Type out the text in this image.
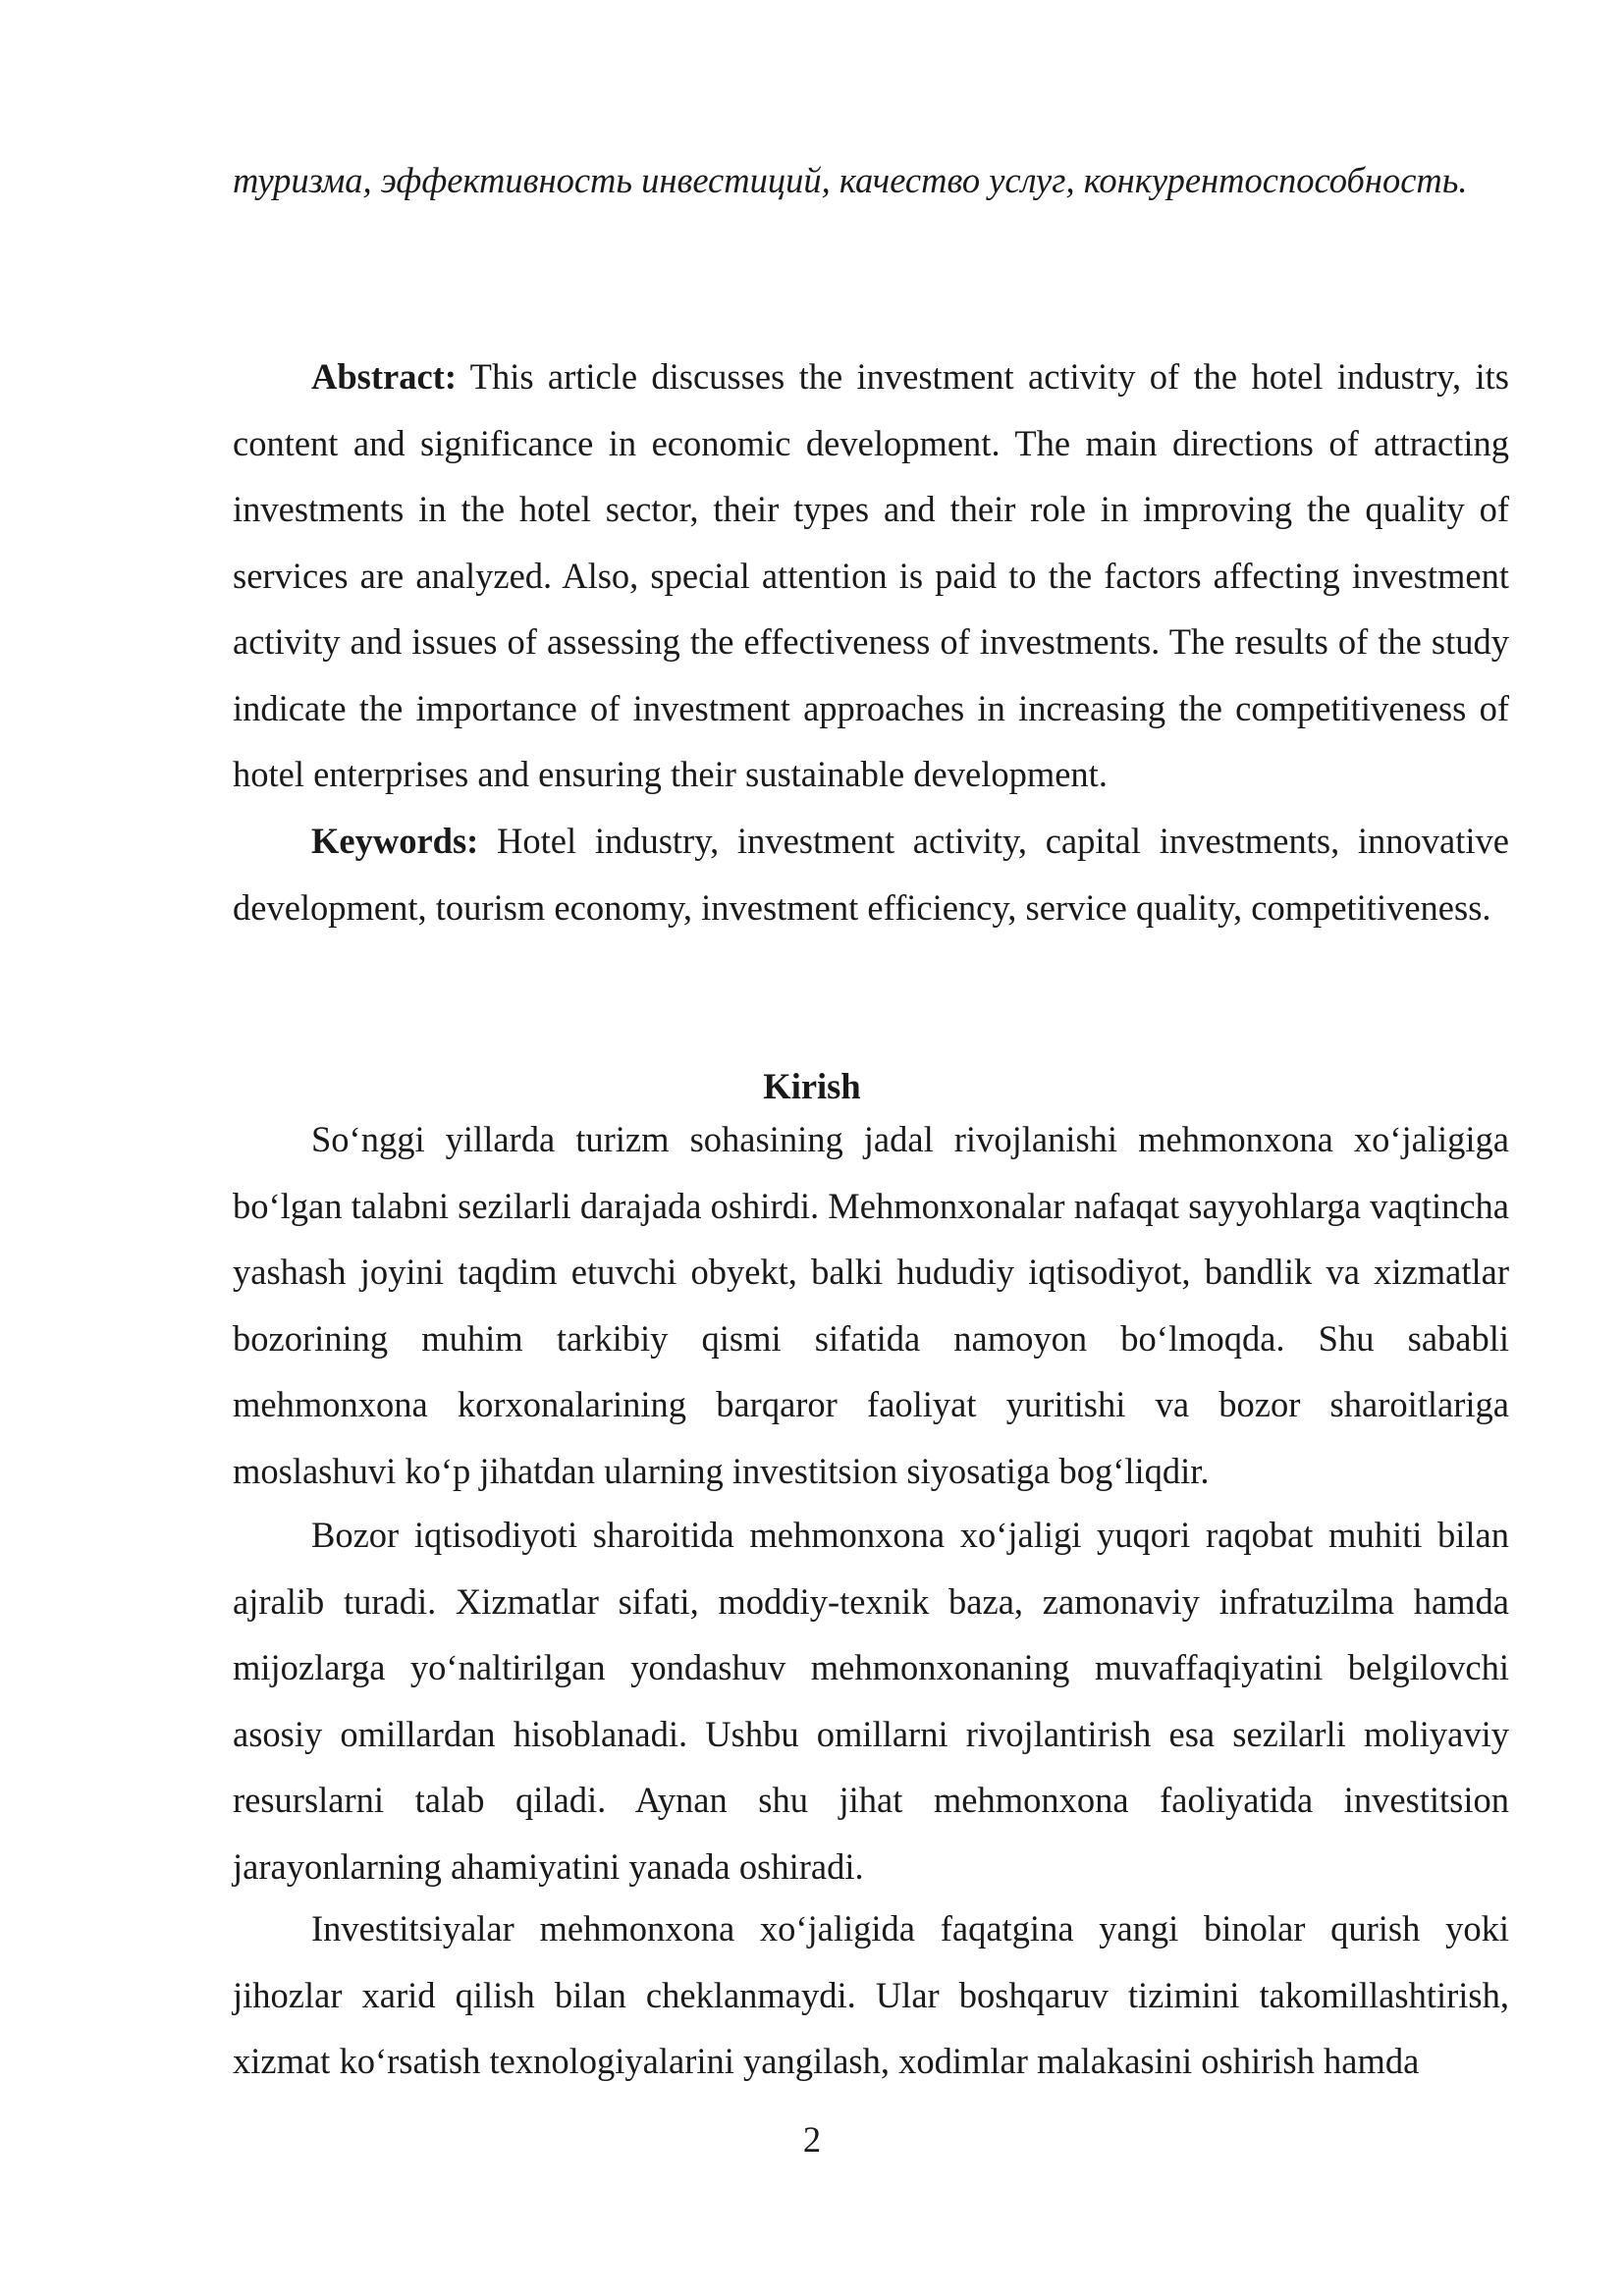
туризма, эффективность инвестиций, качество услуг, конкурентоспособность.

Abstract: This article discusses the investment activity of the hotel industry, its content and significance in economic development. The main directions of attracting investments in the hotel sector, their types and their role in improving the quality of services are analyzed. Also, special attention is paid to the factors affecting investment activity and issues of assessing the effectiveness of investments. The results of the study indicate the importance of investment approaches in increasing the competitiveness of hotel enterprises and ensuring their sustainable development.

Keywords: Hotel industry, investment activity, capital investments, innovative development, tourism economy, investment efficiency, service quality, competitiveness.

Kirish

So‘nggi yillarda turizm sohasining jadal rivojlanishi mehmonxona xo‘jaligiga bo‘lgan talabni sezilarli darajada oshirdi. Mehmonxonalar nafaqat sayyohlarga vaqtincha yashash joyini taqdim etuvchi obyekt, balki hududiy iqtisodiyot, bandlik va xizmatlar bozorining muhim tarkibiy qismi sifatida namoyon bo‘lmoqda. Shu sababli mehmonxona korxonalarining barqaror faoliyat yuritishi va bozor sharoitlariga moslashuvi ko‘p jihatdan ularning investitsion siyosatiga bog‘liqdir.

Bozor iqtisodiyoti sharoitida mehmonxona xo‘jaligi yuqori raqobat muhiti bilan ajralib turadi. Xizmatlar sifati, moddiy-texnik baza, zamonaviy infratuzilma hamda mijozlarga yo‘naltirilgan yondashuv mehmonxonaning muvaffaqiyatini belgilovchi asosiy omillardan hisoblanadi. Ushbu omillarni rivojlantirish esa sezilarli moliyaviy resurslarni talab qiladi. Aynan shu jihat mehmonxona faoliyatida investitsion jarayonlarning ahamiyatini yanada oshiradi.

Investitsiyalar mehmonxona xo‘jaligida faqatgina yangi binolar qurish yoki jihozlar xarid qilish bilan cheklanmaydi. Ular boshqaruv tizimini takomillashtirish, xizmat ko‘rsatish texnologiyalarini yangilash, xodimlar malakasini oshirish hamda

2
